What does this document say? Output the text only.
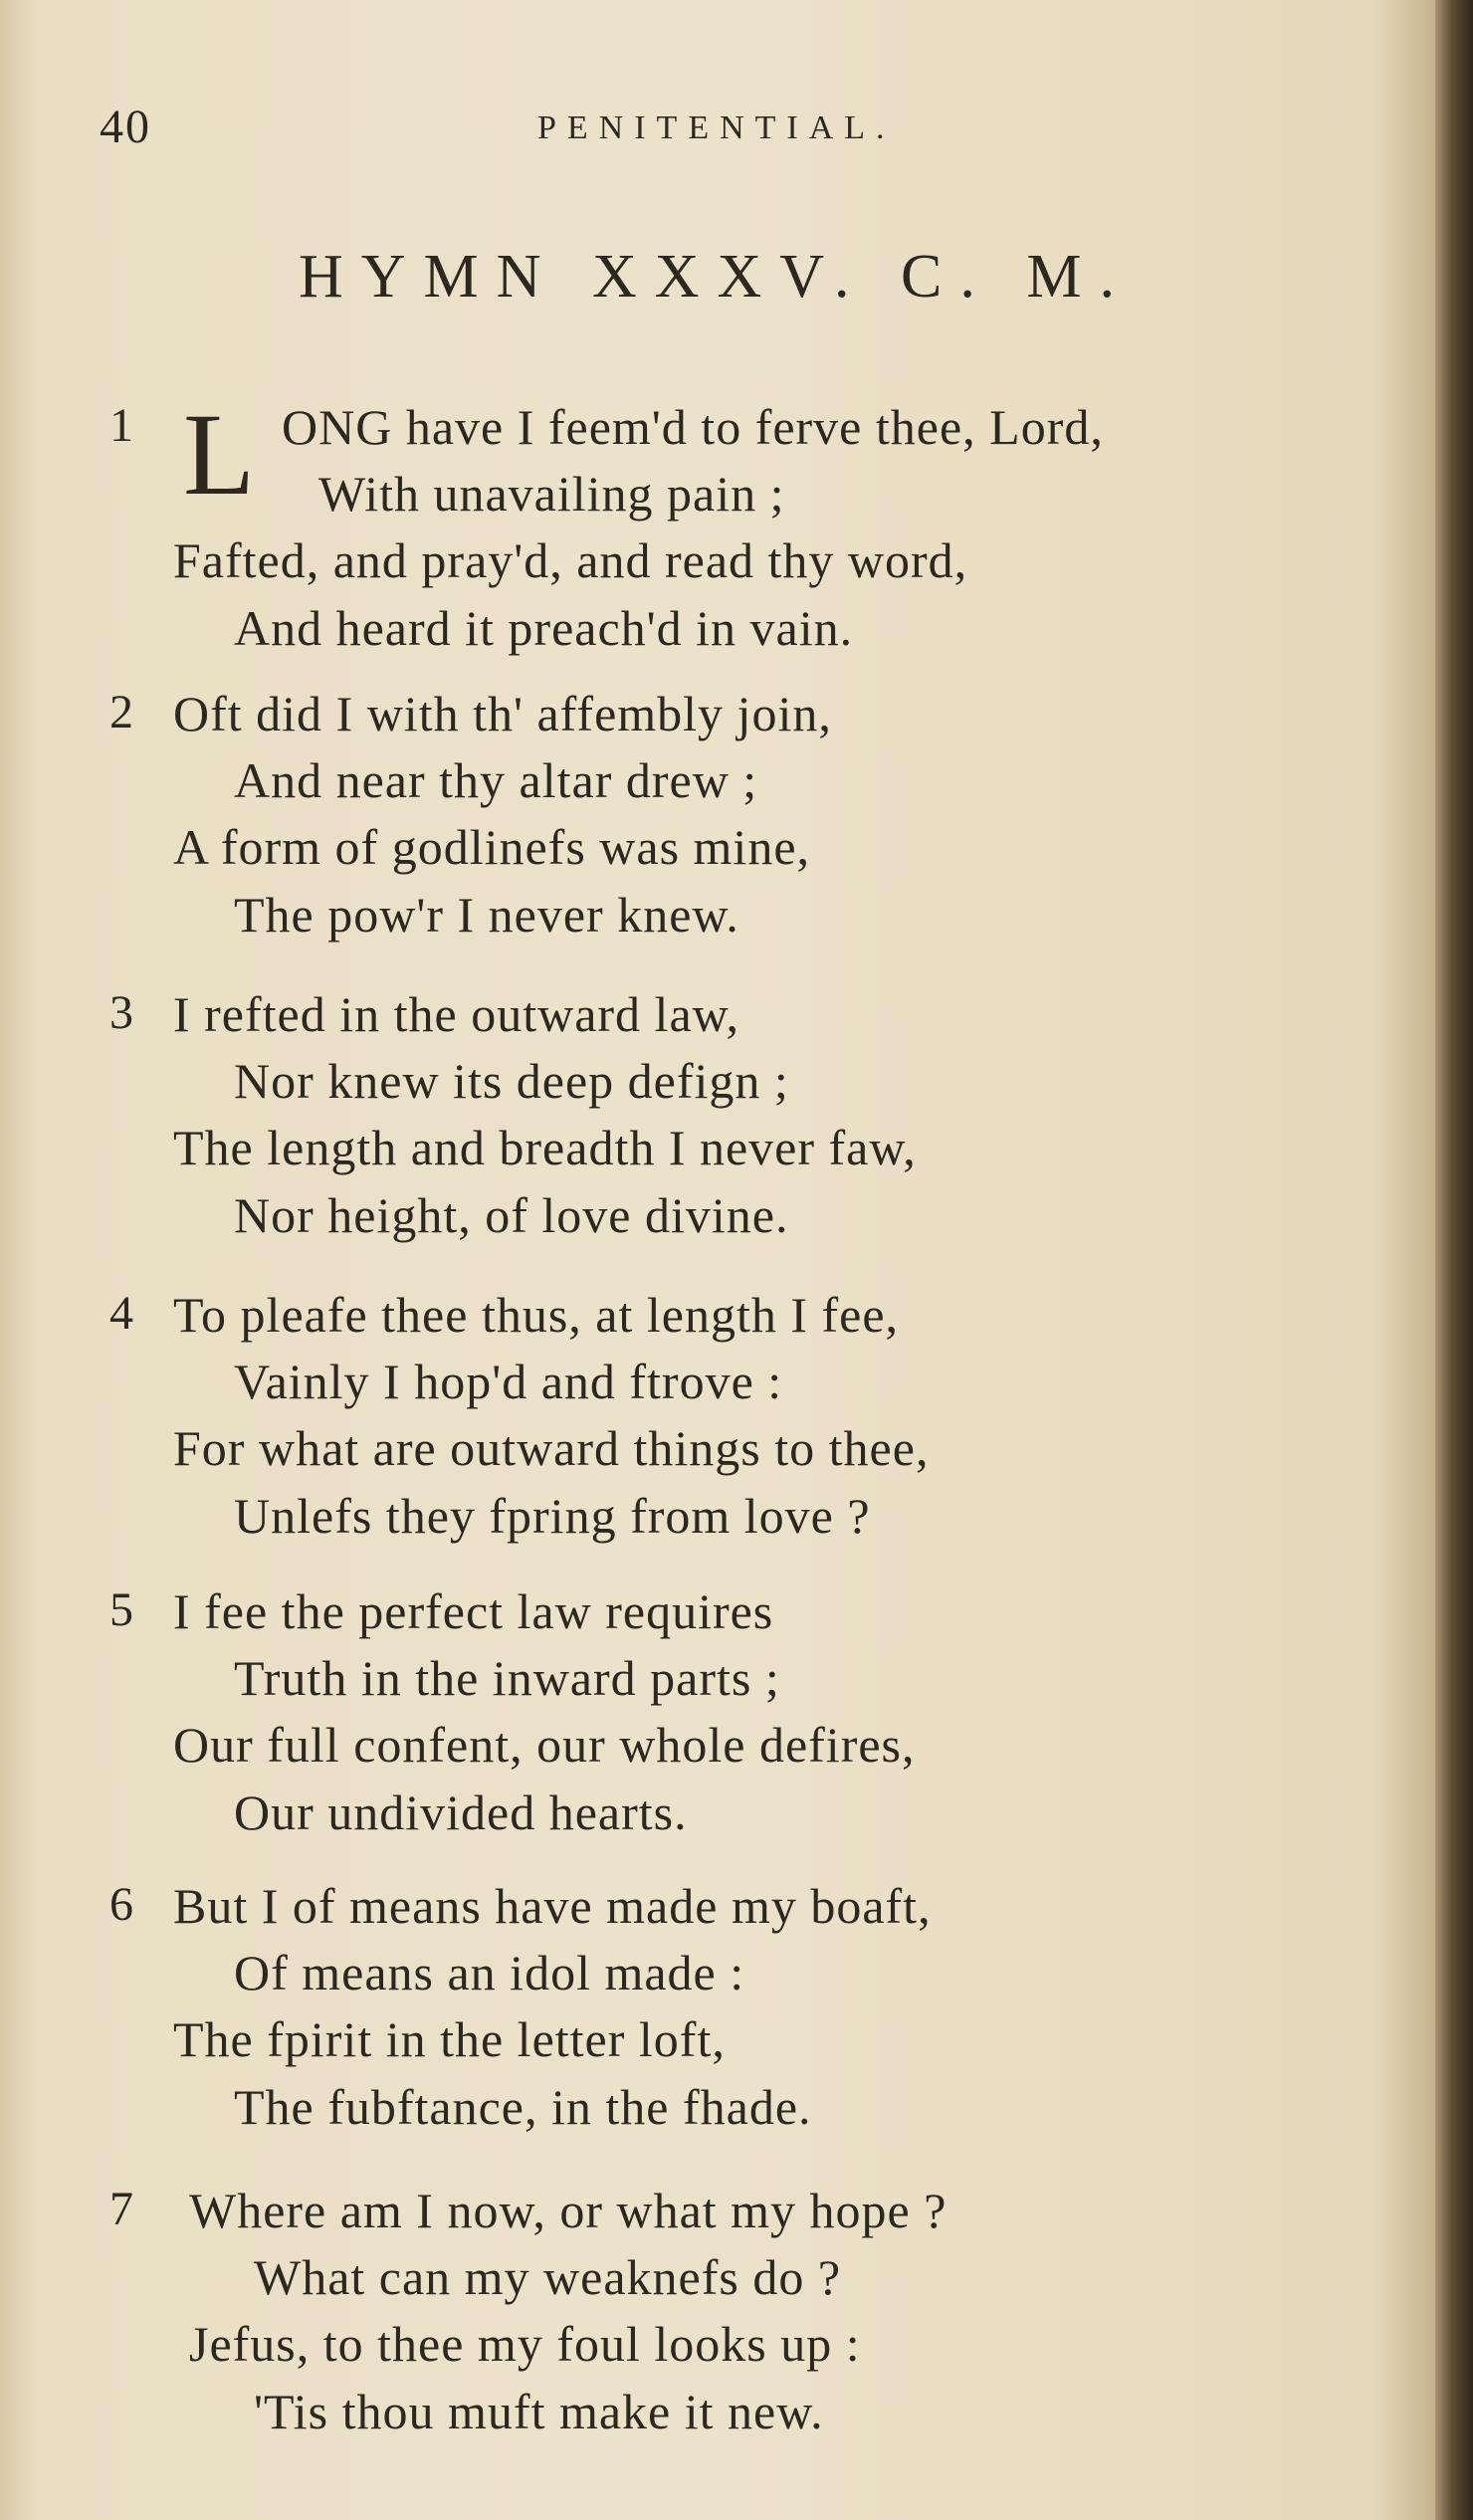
40	PENITENTIAL.
HYMN XXXV. C. M.
1 L ONG have I feem'd to ferve thee, Lord,
With unavailing pain ;
Fafted, and pray'd, and read thy word,
And heard it preach'd in vain.
2 Oft did I with th' affembly join,
And near thy altar drew ;
A form of godlinefs was mine,
The pow'r I never knew.
3 I refted in the outward law,
Nor knew its deep defign ;
The length and breadth I never faw,
Nor height, of love divine.
4 To pleafe thee thus, at length I fee,
Vainly I hop'd and ftrove :
For what are outward things to thee,
Unlefs they fpring from love ?
5 I fee the perfect law requires
Truth in the inward parts ;
Our full confent, our whole defires,
Our undivided hearts.
6 But I of means have made my boaft,
Of means an idol made :
The fpirit in the letter loft,
The fubftance, in the fhade.
7 Where am I now, or what my hope ?
What can my weaknefs do ?
Jefus, to thee my foul looks up :
'Tis thou muft make it new.
